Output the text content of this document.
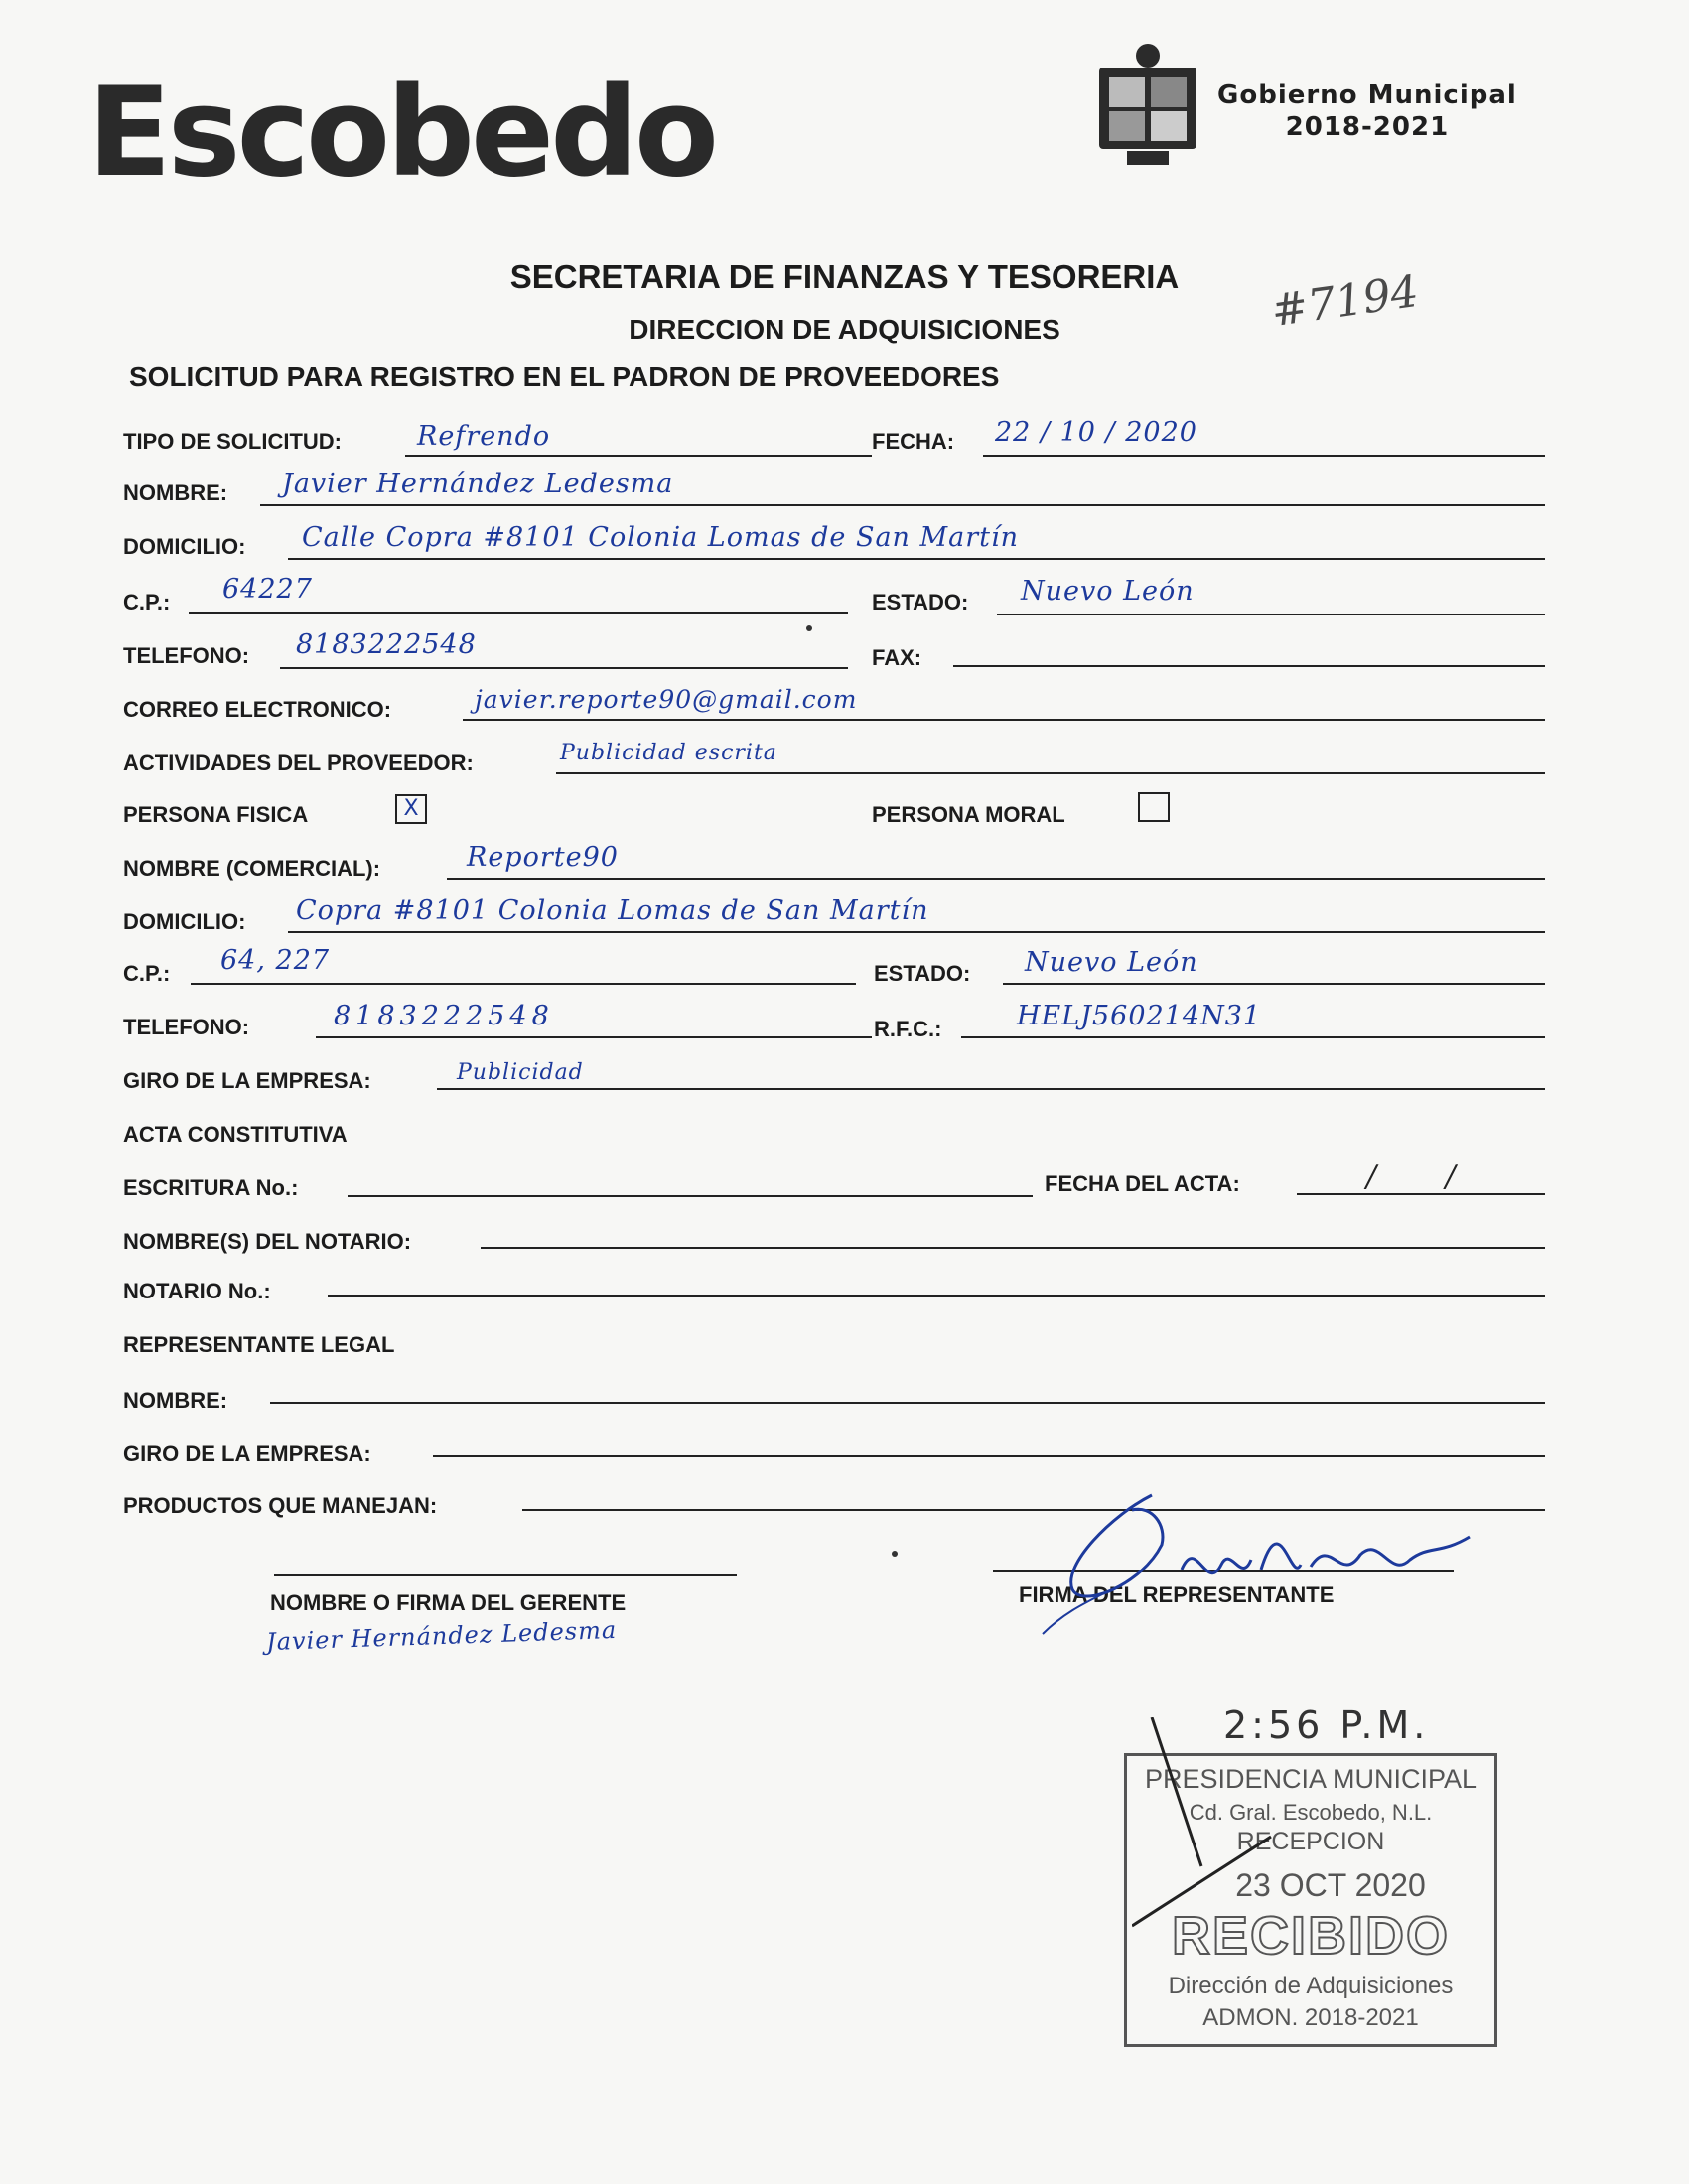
Escobedo	Gobierno Municipal
2018-2021
SECRETARIA DE FINANZAS Y TESORERIA
DIRECCION DE ADQUISICIONES	#7194
SOLICITUD PARA REGISTRO EN EL PADRON DE PROVEEDORES
TIPO DE SOLICITUD:	Refrendo	FECHA: 22 / 10 / 2020
NOMBRE: Javier Hernández Ledesma
DOMICILIO: Calle Copra #8101 Colonia Lomas de San Martín
C.P.: 64227	ESTADO: Nuevo León
TELEFONO: 8183222548	FAX:
CORREO ELECTRONICO:	javier.reporte90@gmail.com
ACTIVIDADES DEL PROVEEDOR:	Publicidad escrita
PERSONA FISICA	X	PERSONA MORAL
NOMBRE (COMERCIAL):	Reporte90
DOMICILIO: Copra #8101 Colonia Lomas de San Martín
C.P.: 64, 227	ESTADO: Nuevo León
TELEFONO:	8183222548	R.F.C.:	HELJ560214N31
GIRO DE LA EMPRESA:	Publicidad
ACTA CONSTITUTIVA
ESCRITURA No.:	FECHA DEL ACTA:	/ /
NOMBRE(S) DEL NOTARIO:
NOTARIO No.:
REPRESENTANTE LEGAL
NOMBRE:
GIRO DE LA EMPRESA:
PRODUCTOS QUE MANEJAN:
NOMBRE O FIRMA DEL GERENTE
Javier Hernández Ledesma
FIRMA DEL REPRESENTANTE
2:56 P.M.
PRESIDENCIA MUNICIPAL
Cd. Gral. Escobedo, N.L.
RECEPCION
23 OCT 2020
RECIBIDO
Dirección de Adquisiciones
ADMON. 2018-2021
